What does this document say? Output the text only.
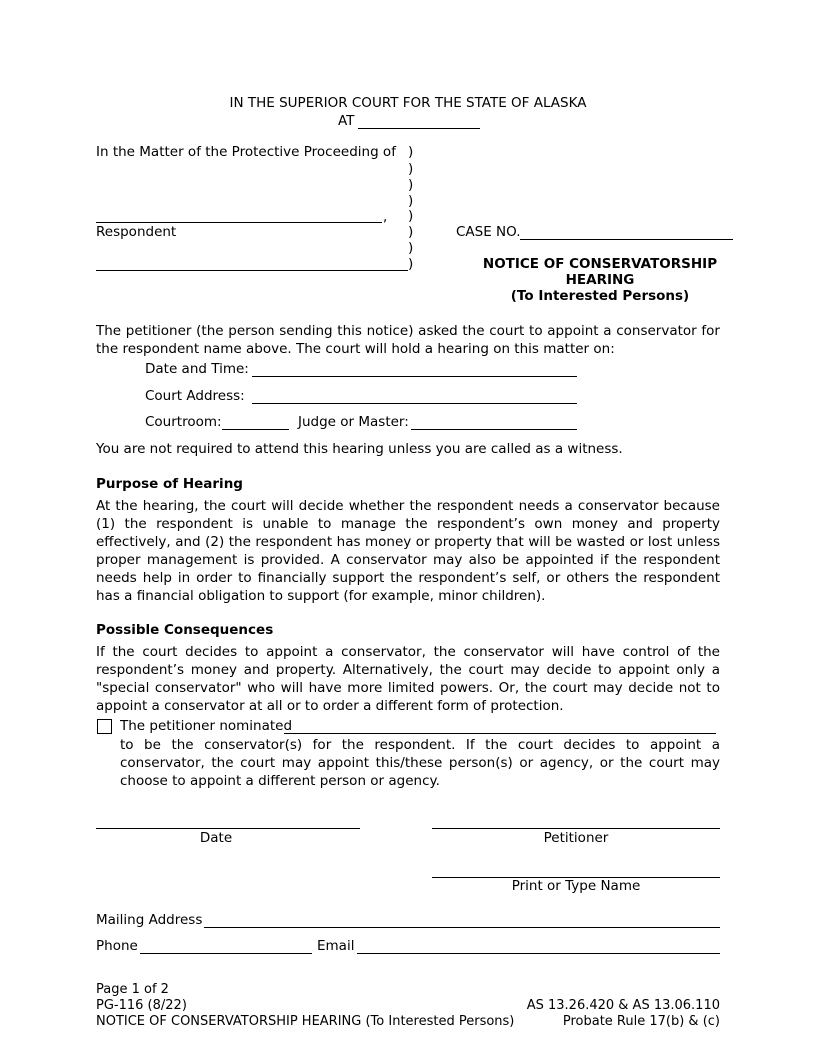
IN THE SUPERIOR COURT FOR THE STATE OF ALASKA
AT
In the Matter of the Protective Proceeding of )
)
)
)
)
)
)
)
,
Respondent	CASE NO.
NOTICE OF CONSERVATORSHIP
HEARING
(To Interested Persons)
The petitioner (the person sending this notice) asked the court to appoint a conservator for the respondent name above. The court will hold a hearing on this matter on:
Date and Time:
Court Address:
Courtroom:	Judge or Master:
You are not required to attend this hearing unless you are called as a witness.
Purpose of Hearing
At the hearing, the court will decide whether the respondent needs a conservator because (1) the respondent is unable to manage the respondent’s own money and property effectively, and (2) the respondent has money or property that will be wasted or lost unless proper management is provided. A conservator may also be appointed if the respondent needs help in order to financially support the respondent’s self, or others the respondent has a financial obligation to support (for example, minor children).
Possible Consequences
If the court decides to appoint a conservator, the conservator will have control of the respondent’s money and property. Alternatively, the court may decide to appoint only a "special conservator" who will have more limited powers. Or, the court may decide not to appoint a conservator at all or to order a different form of protection.
The petitioner nominated
to be the conservator(s) for the respondent. If the court decides to appoint a conservator, the court may appoint this/these person(s) or agency, or the court may choose to appoint a different person or agency.
Date	Petitioner
Print or Type Name
Mailing Address
Phone	Email
Page 1 of 2
PG-116 (8/22)
NOTICE OF CONSERVATORSHIP HEARING (To Interested Persons)
AS 13.26.420 & AS 13.06.110
Probate Rule 17(b) & (c)
